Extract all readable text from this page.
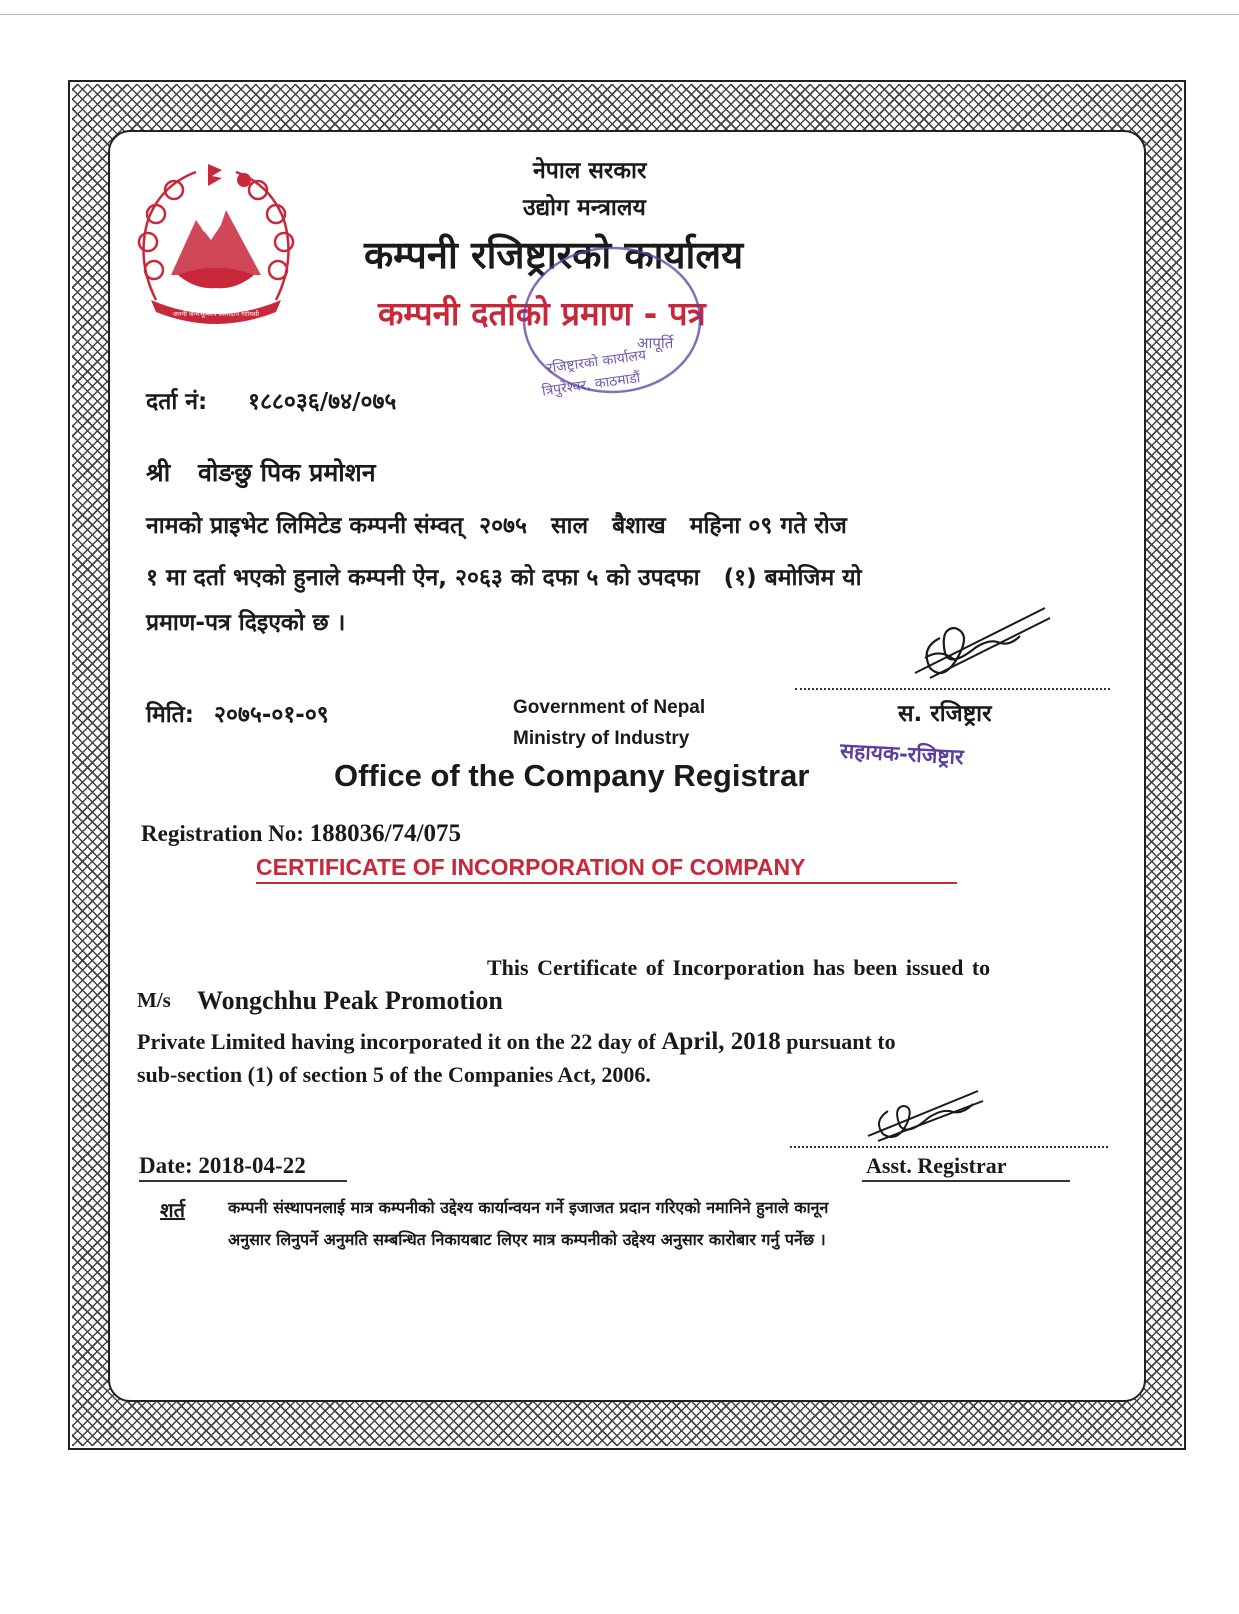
जननी जन्मभूमिश्च स्वर्गादपि गरीयसी
नेपाल सरकार
उद्योग मन्त्रालय
कम्पनी रजिष्ट्रारको कार्यालय
कम्पनी दर्ताको प्रमाण - पत्र
आपूर्ति
रजिष्ट्रारको कार्यालय
त्रिपुरेश्वर, काठमाडौं
दर्ता नं: १८८०३६/७४/०७५
श्री वोङछु पिक प्रमोशन
नामको प्राइभेट लिमिटेड कम्पनी संम्वत् २०७५ साल बैशाख महिना ०९ गते रोज
१ मा दर्ता भएको हुनाले कम्पनी ऐन, २०६३ को दफा ५ को उपदफा (१) बमोजिम यो
प्रमाण-पत्र दिइएको छ ।
मिति: २०७५-०१-०९	Government of Nepal
Ministry of Industry
स. रजिष्ट्रार
सहायक-रजिष्ट्रार
Office of the Company Registrar
Registration No: 188036/74/075
CERTIFICATE OF INCORPORATION OF COMPANY
This Certificate of Incorporation has been issued to
M/s Wongchhu Peak Promotion
Private Limited having incorporated it on the 22 day of April, 2018 pursuant to
sub-section (1) of section 5 of the Companies Act, 2006.
Date: 2018-04-22	Asst. Registrar
शर्त	कम्पनी संस्थापनलाई मात्र कम्पनीको उद्देश्य कार्यान्वयन गर्ने इजाजत प्रदान गरिएको नमानिने हुनाले कानून
अनुसार लिनुपर्ने अनुमति सम्बन्धित निकायबाट लिएर मात्र कम्पनीको उद्देश्य अनुसार कारोबार गर्नु पर्नेछ ।
